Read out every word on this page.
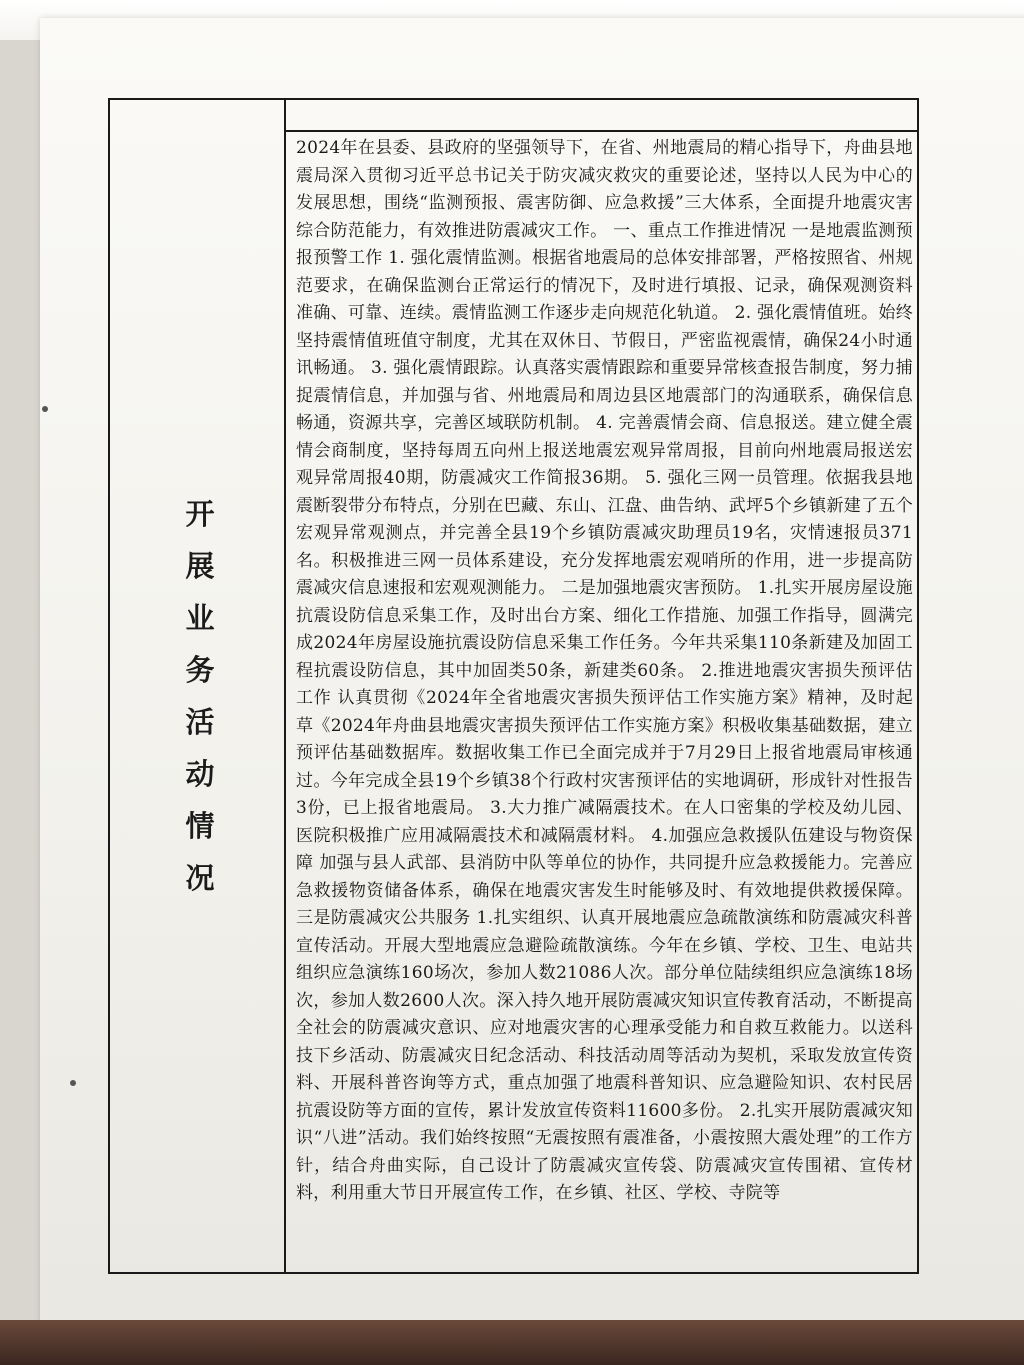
开
展
业
务
活
动
情
况

2024年在县委、县政府的坚强领导下，在省、州地震局的精心指导下，舟曲县地震局深入贯彻习近平总书记关于防灾减灾救灾的重要论述，坚持以人民为中心的发展思想，围绕“监测预报、震害防御、应急救援”三大体系，全面提升地震灾害综合防范能力，有效推进防震减灾工作。 一、重点工作推进情况 一是地震监测预报预警工作 1. 强化震情监测。根据省地震局的总体安排部署，严格按照省、州规范要求，在确保监测台正常运行的情况下，及时进行填报、记录，确保观测资料准确、可靠、连续。震情监测工作逐步走向规范化轨道。 2. 强化震情值班。始终坚持震情值班值守制度，尤其在双休日、节假日，严密监视震情，确保24小时通讯畅通。 3. 强化震情跟踪。认真落实震情跟踪和重要异常核查报告制度，努力捕捉震情信息，并加强与省、州地震局和周边县区地震部门的沟通联系，确保信息畅通，资源共享，完善区域联防机制。 4. 完善震情会商、信息报送。建立健全震情会商制度，坚持每周五向州上报送地震宏观异常周报，目前向州地震局报送宏观异常周报40期，防震减灾工作简报36期。 5. 强化三网一员管理。依据我县地震断裂带分布特点，分别在巴藏、东山、江盘、曲告纳、武坪5个乡镇新建了五个宏观异常观测点，并完善全县19个乡镇防震减灾助理员19名，灾情速报员371名。积极推进三网一员体系建设，充分发挥地震宏观哨所的作用，进一步提高防震减灾信息速报和宏观观测能力。 二是加强地震灾害预防。 1.扎实开展房屋设施抗震设防信息采集工作，及时出台方案、细化工作措施、加强工作指导，圆满完成2024年房屋设施抗震设防信息采集工作任务。今年共采集110条新建及加固工程抗震设防信息，其中加固类50条，新建类60条。 2.推进地震灾害损失预评估工作 认真贯彻《2024年全省地震灾害损失预评估工作实施方案》精神，及时起草《2024年舟曲县地震灾害损失预评估工作实施方案》积极收集基础数据，建立预评估基础数据库。数据收集工作已全面完成并于7月29日上报省地震局审核通过。今年完成全县19个乡镇38个行政村灾害预评估的实地调研，形成针对性报告3份，已上报省地震局。 3.大力推广减隔震技术。在人口密集的学校及幼儿园、医院积极推广应用减隔震技术和减隔震材料。 4.加强应急救援队伍建设与物资保障 加强与县人武部、县消防中队等单位的协作，共同提升应急救援能力。完善应急救援物资储备体系，确保在地震灾害发生时能够及时、有效地提供救援保障。 三是防震减灾公共服务 1.扎实组织、认真开展地震应急疏散演练和防震减灾科普宣传活动。开展大型地震应急避险疏散演练。今年在乡镇、学校、卫生、电站共组织应急演练160场次，参加人数21086人次。部分单位陆续组织应急演练18场次，参加人数2600人次。深入持久地开展防震减灾知识宣传教育活动，不断提高全社会的防震减灾意识、应对地震灾害的心理承受能力和自救互救能力。以送科技下乡活动、防震减灾日纪念活动、科技活动周等活动为契机，采取发放宣传资料、开展科普咨询等方式，重点加强了地震科普知识、应急避险知识、农村民居抗震设防等方面的宣传，累计发放宣传资料11600多份。 2.扎实开展防震减灾知识“八进”活动。我们始终按照“无震按照有震准备，小震按照大震处理”的工作方针，结合舟曲实际，自己设计了防震减灾宣传袋、防震减灾宣传围裙、宣传材料，利用重大节日开展宣传工作，在乡镇、社区、学校、寺院等
